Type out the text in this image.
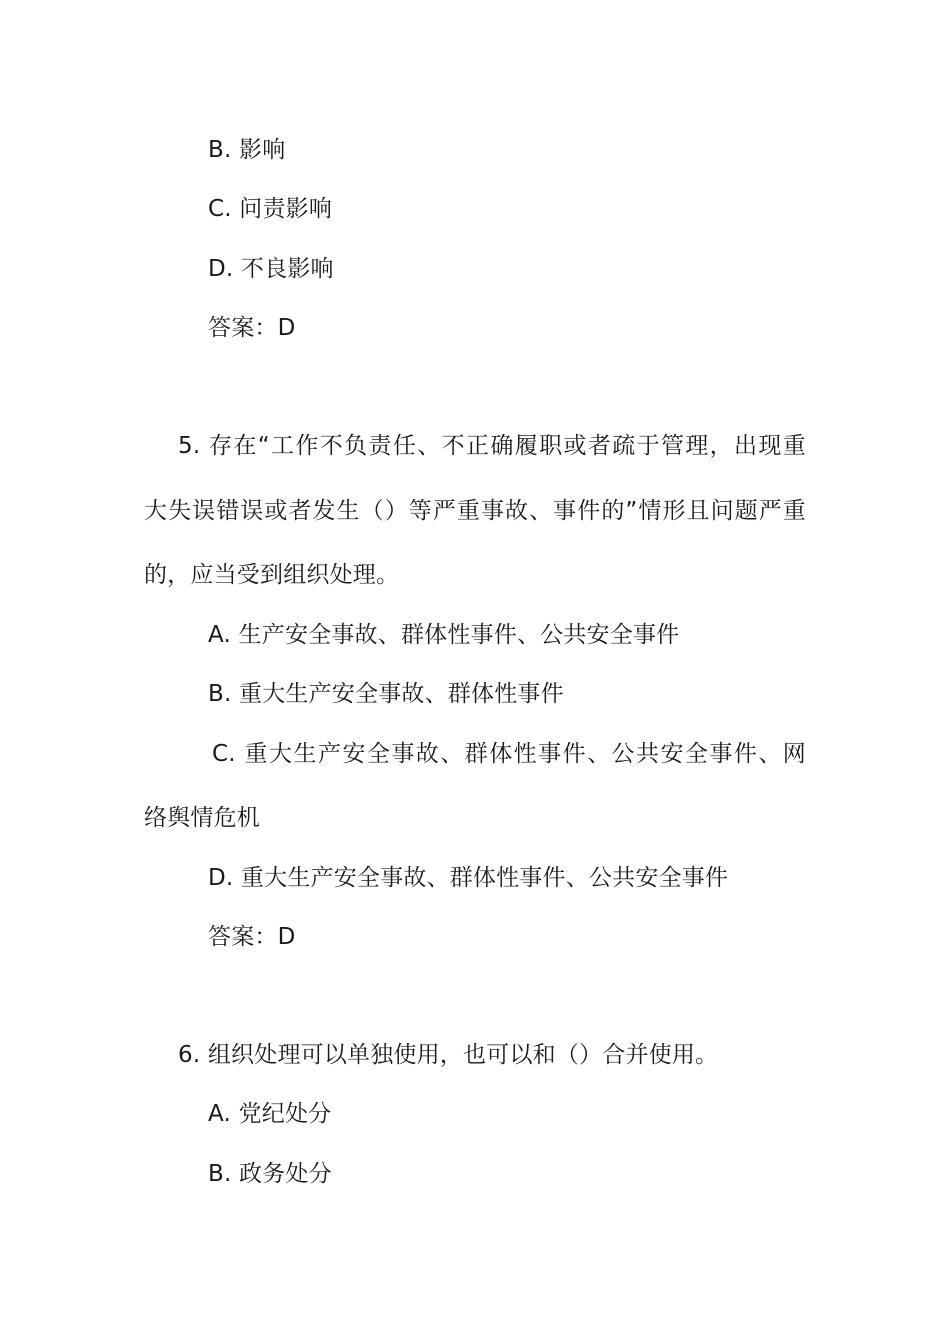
B. 影响
C. 问责影响
D. 不良影响
答案：D
5. 存在“工作不负责任、不正确履职或者疏于管理，出现重
大失误错误或者发生（）等严重事故、事件的”情形且问题严重
的，应当受到组织处理。
A. 生产安全事故、群体性事件、公共安全事件
B. 重大生产安全事故、群体性事件
C. 重大生产安全事故、群体性事件、公共安全事件、网
络舆情危机
D. 重大生产安全事故、群体性事件、公共安全事件
答案：D
6. 组织处理可以单独使用，也可以和（）合并使用。
A. 党纪处分
B. 政务处分
